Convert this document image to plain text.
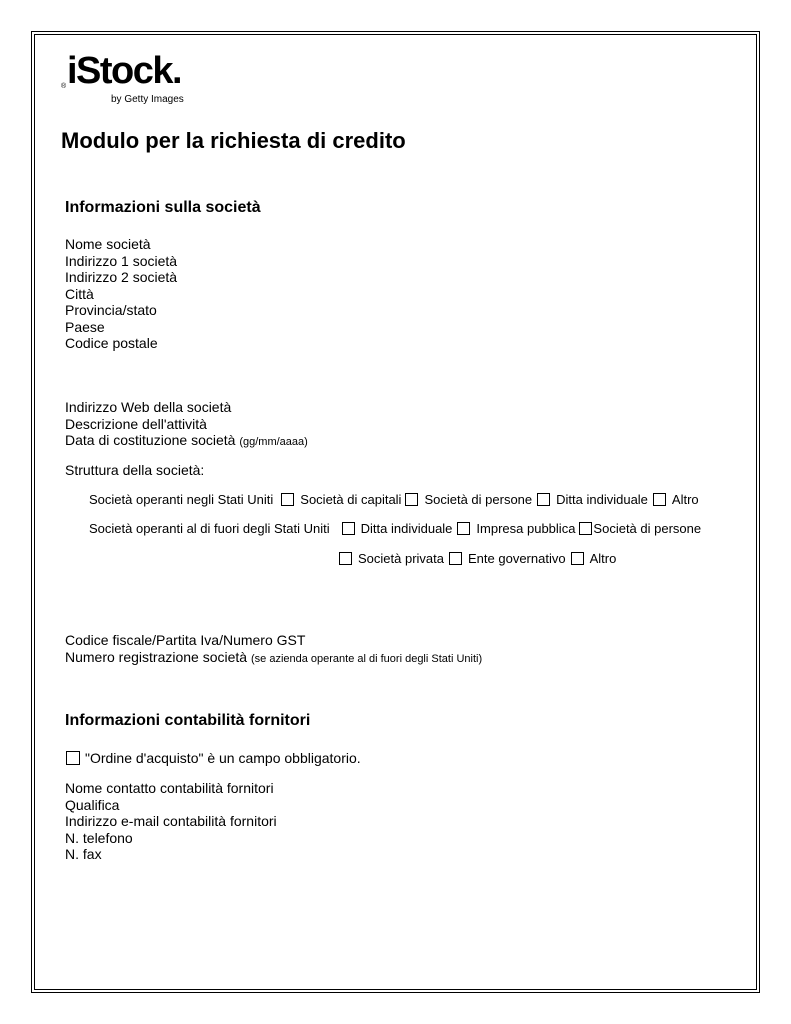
® iStock.
by Getty Images
Modulo per la richiesta di credito
Informazioni sulla società
Nome società
Indirizzo 1 società
Indirizzo 2 società
Città
Provincia/stato
Paese
Codice postale
Indirizzo Web della società
Descrizione dell'attività
Data di costituzione società (gg/mm/aaaa)
Struttura della società:
Società operanti negli Stati Uniti Società di capitali Società di persone Ditta individuale Altro
Società operanti al di fuori degli Stati Uniti Ditta individuale Impresa pubblica Società di persone
Società privata Ente governativo Altro
Codice fiscale/Partita Iva/Numero GST
Numero registrazione società (se azienda operante al di fuori degli Stati Uniti)
Informazioni contabilità fornitori
"Ordine d'acquisto" è un campo obbligatorio.
Nome contatto contabilità fornitori
Qualifica
Indirizzo e-mail contabilità fornitori
N. telefono
N. fax
